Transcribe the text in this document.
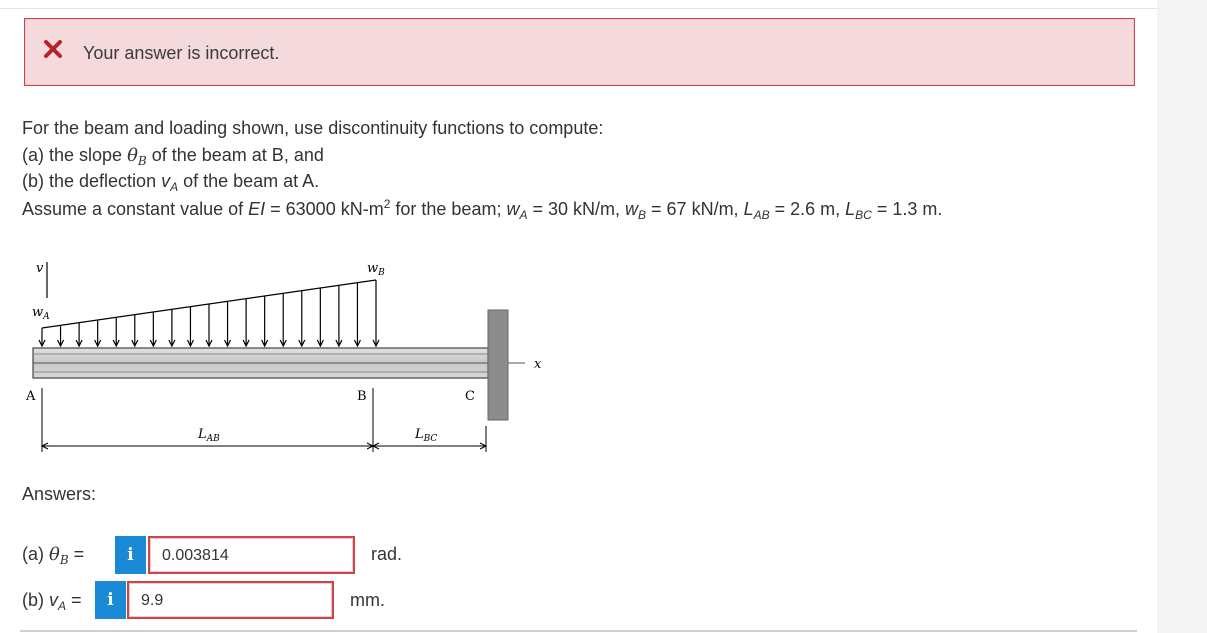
Your answer is incorrect.
For the beam and loading shown, use discontinuity functions to compute:
(a) the slope $\theta_B$ of the beam at B, and
(b) the deflection $v_A$ of the beam at A.
Assume a constant value of EI = 63000 $kN-m^2$ for the beam; $w_A = 30$ kN/m, $w_B = 67$ kN/m, $L_{AB} = 2.6$ m, $L_{BC} = 1.3$ m.
v
$w_A$
$w_B$
x
A	B	C
$L_{AB}$	$L_{BC}$
Answers:
(a) $\theta_B$ =	i	0.003814	rad.
(b) $v_A$ =	i	9.9	mm.
